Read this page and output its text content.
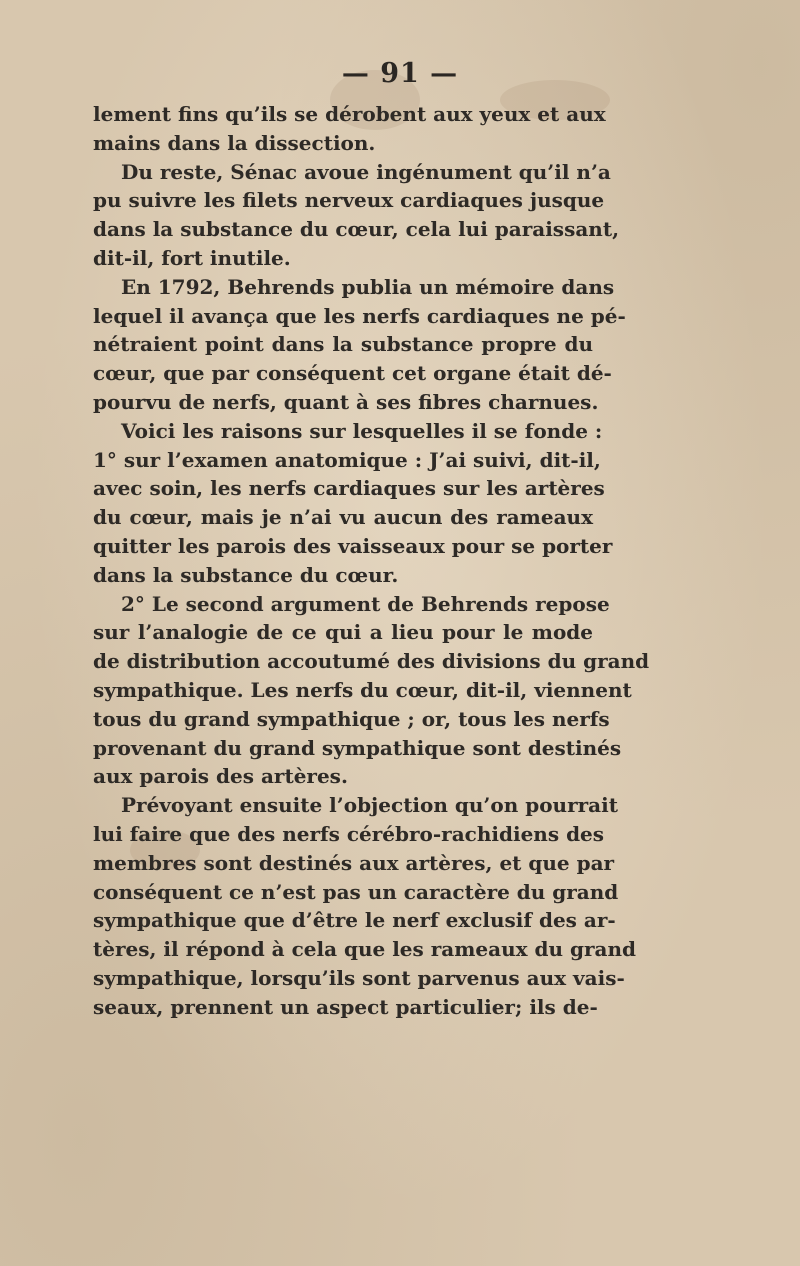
— 91 —
lement fins qu’ils se dérobent aux yeux et aux
mains dans la dissection.
Du reste, Sénac avoue ingénument qu’il n’a
pu suivre les filets nerveux cardiaques jusque
dans la substance du cœur, cela lui paraissant,
dit-il, fort inutile.
En 1792, Behrends publia un mémoire dans
lequel il avança que les nerfs cardiaques ne pé-
nétraient point dans la substance propre du
cœur, que par conséquent cet organe était dé-
pourvu de nerfs, quant à ses fibres charnues.
Voici les raisons sur lesquelles il se fonde :
1° sur l’examen anatomique : J’ai suivi, dit-il,
avec soin, les nerfs cardiaques sur les artères
du cœur, mais je n’ai vu aucun des rameaux
quitter les parois des vaisseaux pour se porter
dans la substance du cœur.
2° Le second argument de Behrends repose
sur l’analogie de ce qui a lieu pour le mode
de distribution accoutumé des divisions du grand
sympathique. Les nerfs du cœur, dit-il, viennent
tous du grand sympathique ; or, tous les nerfs
provenant du grand sympathique sont destinés
aux parois des artères.
Prévoyant ensuite l’objection qu’on pourrait
lui faire que des nerfs cérébro-rachidiens des
membres sont destinés aux artères, et que par
conséquent ce n’est pas un caractère du grand
sympathique que d’être le nerf exclusif des ar-
tères, il répond à cela que les rameaux du grand
sympathique, lorsqu’ils sont parvenus aux vais-
seaux, prennent un aspect particulier; ils de-
